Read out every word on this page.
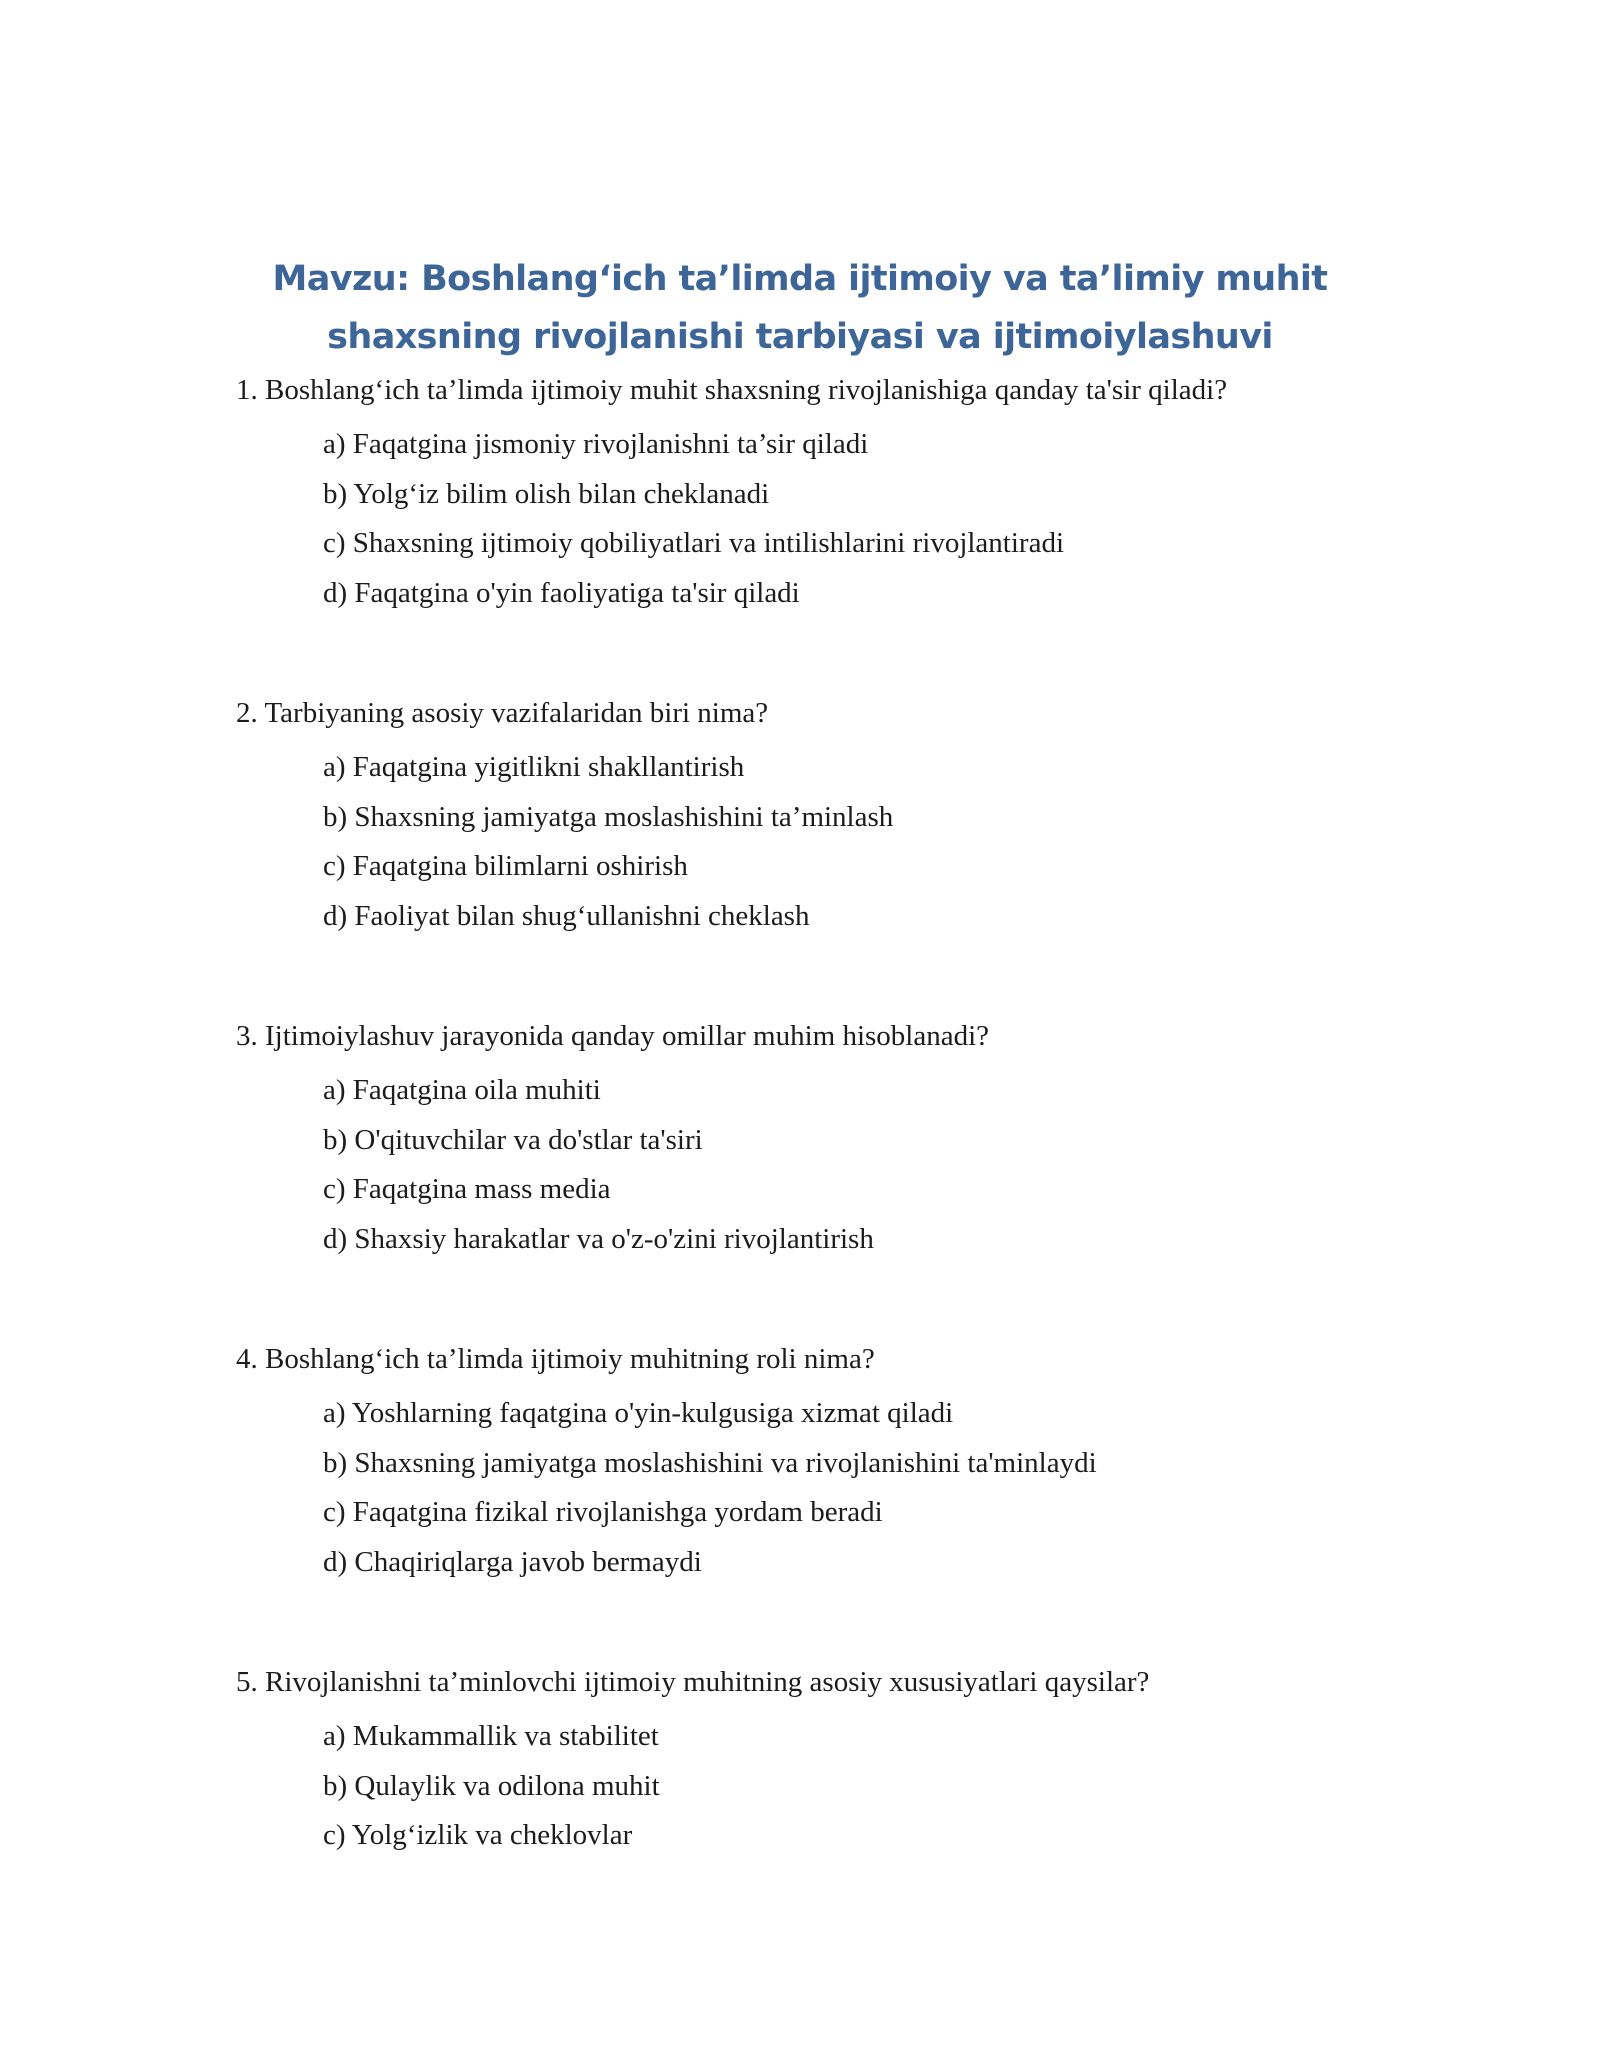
Mavzu: Boshlang‘ich ta’limda ijtimoiy va ta’limiy muhit
shaxsning rivojlanishi tarbiyasi va ijtimoiylashuvi

1. Boshlang‘ich ta’limda ijtimoiy muhit shaxsning rivojlanishiga qanday ta'sir qiladi?

a) Faqatgina jismoniy rivojlanishni ta’sir qiladi
b) Yolg‘iz bilim olish bilan cheklanadi
c) Shaxsning ijtimoiy qobiliyatlari va intilishlarini rivojlantiradi
d) Faqatgina o'yin faoliyatiga ta'sir qiladi

2. Tarbiyaning asosiy vazifalaridan biri nima?

a) Faqatgina yigitlikni shakllantirish
b) Shaxsning jamiyatga moslashishini ta’minlash
c) Faqatgina bilimlarni oshirish
d) Faoliyat bilan shug‘ullanishni cheklash

3. Ijtimoiylashuv jarayonida qanday omillar muhim hisoblanadi?

a) Faqatgina oila muhiti
b) O'qituvchilar va do'stlar ta'siri
c) Faqatgina mass media
d) Shaxsiy harakatlar va o'z-o'zini rivojlantirish

4. Boshlang‘ich ta’limda ijtimoiy muhitning roli nima?

a) Yoshlarning faqatgina o'yin-kulgusiga xizmat qiladi
b) Shaxsning jamiyatga moslashishini va rivojlanishini ta'minlaydi
c) Faqatgina fizikal rivojlanishga yordam beradi
d) Chaqiriqlarga javob bermaydi

5. Rivojlanishni ta’minlovchi ijtimoiy muhitning asosiy xususiyatlari qaysilar?

a) Mukammallik va stabilitet
b) Qulaylik va odilona muhit
c) Yolg‘izlik va cheklovlar
